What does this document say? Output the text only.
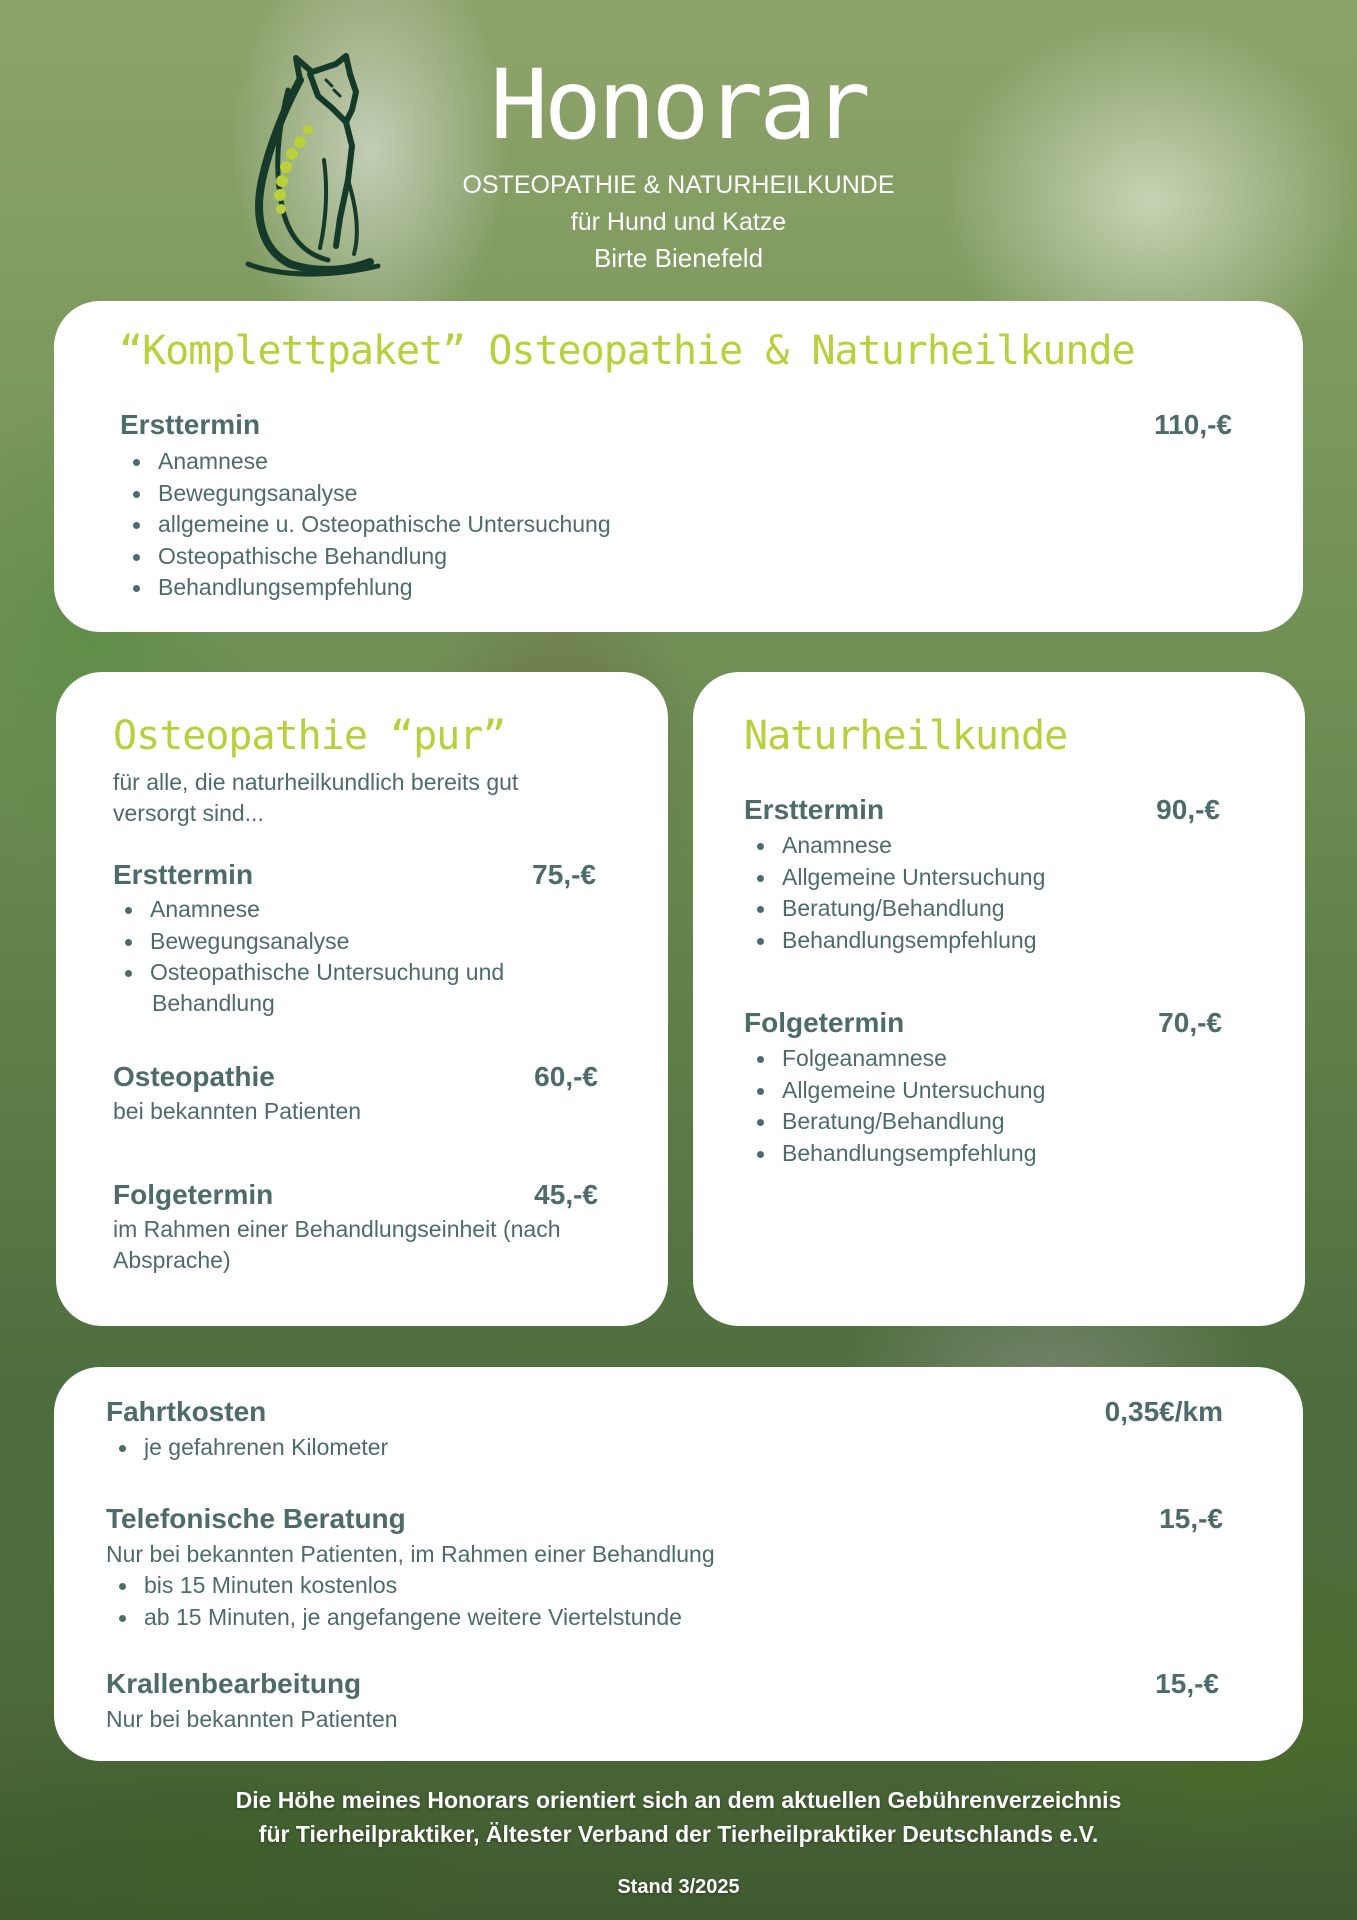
Honorar
OSTEOPATHIE & NATURHEILKUNDE
für Hund und Katze
Birte Bienefeld
“Komplettpaket” Osteopathie & Naturheilkunde
Ersttermin	110,-€
Anamnese
Bewegungsanalyse
allgemeine u. Osteopathische Untersuchung
Osteopathische Behandlung
Behandlungsempfehlung
Osteopathie “pur”
für alle, die naturheilkundlich bereits gut
versorgt sind...
Ersttermin	75,-€
Anamnese
Bewegungsanalyse
Osteopathische Untersuchung und
Behandlung
Osteopathie	60,-€
bei bekannten Patienten
Folgetermin	45,-€
im Rahmen einer Behandlungseinheit (nach
Absprache)
Naturheilkunde
Ersttermin	90,-€
Anamnese
Allgemeine Untersuchung
Beratung/Behandlung
Behandlungsempfehlung
Folgetermin	70,-€
Folgeanamnese
Allgemeine Untersuchung
Beratung/Behandlung
Behandlungsempfehlung
Fahrtkosten	0,35€/km
je gefahrenen Kilometer
Telefonische Beratung	15,-€
Nur bei bekannten Patienten, im Rahmen einer Behandlung
bis 15 Minuten kostenlos
ab 15 Minuten, je angefangene weitere Viertelstunde
Krallenbearbeitung	15,-€
Nur bei bekannten Patienten
Die Höhe meines Honorars orientiert sich an dem aktuellen Gebührenverzeichnis
für Tierheilpraktiker, Ältester Verband der Tierheilpraktiker Deutschlands e.V.
Stand 3/2025
